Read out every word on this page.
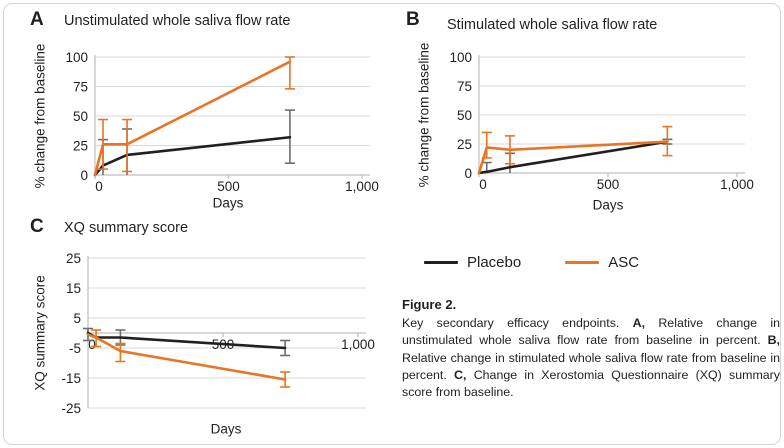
A Unstimulated whole saliva flow rate
0
25
50
75
100
0	500	1,000
% change from baseline
Days
B Stimulated whole saliva flow rate
0
25
50
75
100
0	500	1,000
% change from baseline
Days
C XQ summary score
25
15
5
-5
-15
-25
0	500	1,000
XQ summary score
Days
Placebo	ASC
Figure 2.
Key secondary efficacy endpoints. A, Relative change in unstimulated whole saliva flow rate from baseline in percent. B, Relative change in stimulated whole saliva flow rate from baseline in percent. C, Change in Xerostomia Questionnaire (XQ) summary score from baseline.
